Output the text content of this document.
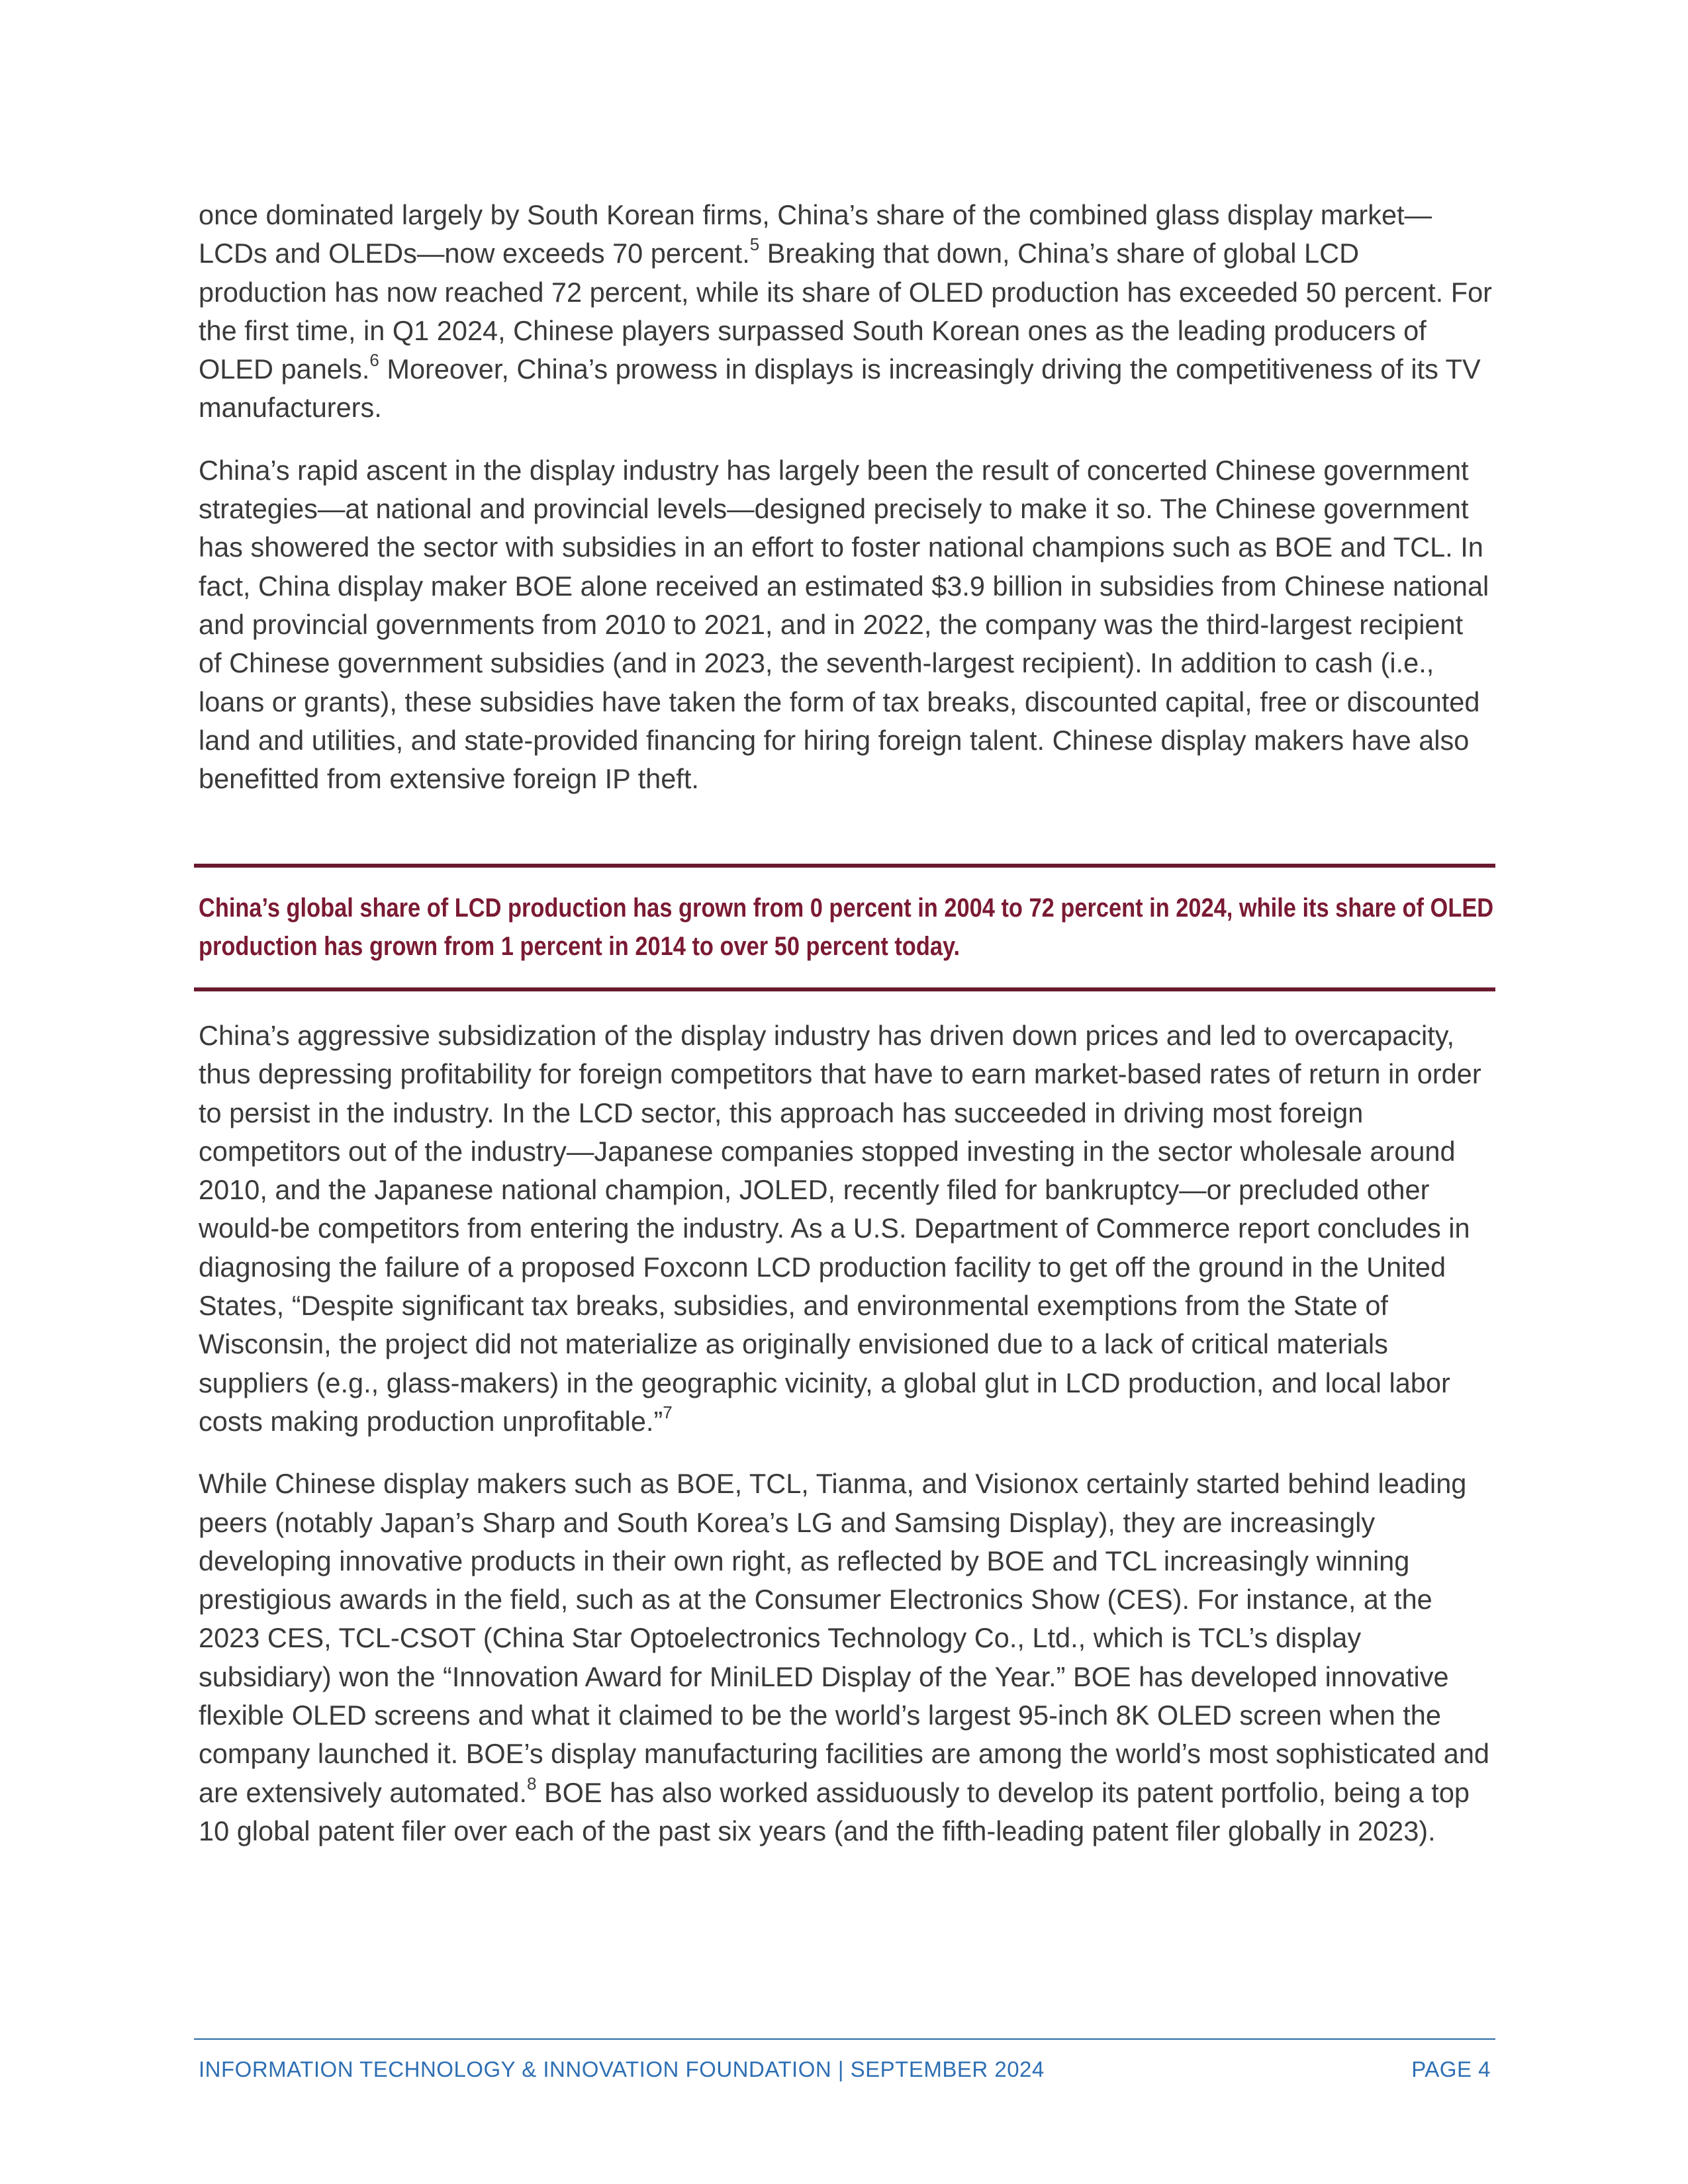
once dominated largely by South Korean firms, China’s share of the combined glass display market—LCDs and OLEDs—now exceeds 70 percent.$^5$ Breaking that down, China’s share of global LCD production has now reached 72 percent, while its share of OLED production has exceeded 50 percent. For the first time, in Q1 2024, Chinese players surpassed South Korean ones as the leading producers of OLED panels.$^6$ Moreover, China’s prowess in displays is increasingly driving the competitiveness of its TV manufacturers.

China’s rapid ascent in the display industry has largely been the result of concerted Chinese government strategies—at national and provincial levels—designed precisely to make it so. The Chinese government has showered the sector with subsidies in an effort to foster national champions such as BOE and TCL. In fact, China display maker BOE alone received an estimated $3.9 billion in subsidies from Chinese national and provincial governments from 2010 to 2021, and in 2022, the company was the third-largest recipient of Chinese government subsidies (and in 2023, the seventh-largest recipient). In addition to cash (i.e., loans or grants), these subsidies have taken the form of tax breaks, discounted capital, free or discounted land and utilities, and state-provided financing for hiring foreign talent. Chinese display makers have also benefitted from extensive foreign IP theft.

China’s global share of LCD production has grown from 0 percent in 2004 to 72 percent in 2024, while its share of OLED production has grown from 1 percent in 2014 to over 50 percent today.

China’s aggressive subsidization of the display industry has driven down prices and led to overcapacity, thus depressing profitability for foreign competitors that have to earn market-based rates of return in order to persist in the industry. In the LCD sector, this approach has succeeded in driving most foreign competitors out of the industry—Japanese companies stopped investing in the sector wholesale around 2010, and the Japanese national champion, JOLED, recently filed for bankruptcy—or precluded other would-be competitors from entering the industry. As a U.S. Department of Commerce report concludes in diagnosing the failure of a proposed Foxconn LCD production facility to get off the ground in the United States, “Despite significant tax breaks, subsidies, and environmental exemptions from the State of Wisconsin, the project did not materialize as originally envisioned due to a lack of critical materials suppliers (e.g., glass-makers) in the geographic vicinity, a global glut in LCD production, and local labor costs making production unprofitable.”$^7$

While Chinese display makers such as BOE, TCL, Tianma, and Visionox certainly started behind leading peers (notably Japan’s Sharp and South Korea’s LG and Samsing Display), they are increasingly developing innovative products in their own right, as reflected by BOE and TCL increasingly winning prestigious awards in the field, such as at the Consumer Electronics Show (CES). For instance, at the 2023 CES, TCL-CSOT (China Star Optoelectronics Technology Co., Ltd., which is TCL’s display subsidiary) won the “Innovation Award for MiniLED Display of the Year.” BOE has developed innovative flexible OLED screens and what it claimed to be the world’s largest 95-inch 8K OLED screen when the company launched it. BOE’s display manufacturing facilities are among the world’s most sophisticated and are extensively automated.$^8$ BOE has also worked assiduously to develop its patent portfolio, being a top 10 global patent filer over each of the past six years (and the fifth-leading patent filer globally in 2023).

INFORMATION TECHNOLOGY & INNOVATION FOUNDATION | SEPTEMBER 2024	PAGE 4
